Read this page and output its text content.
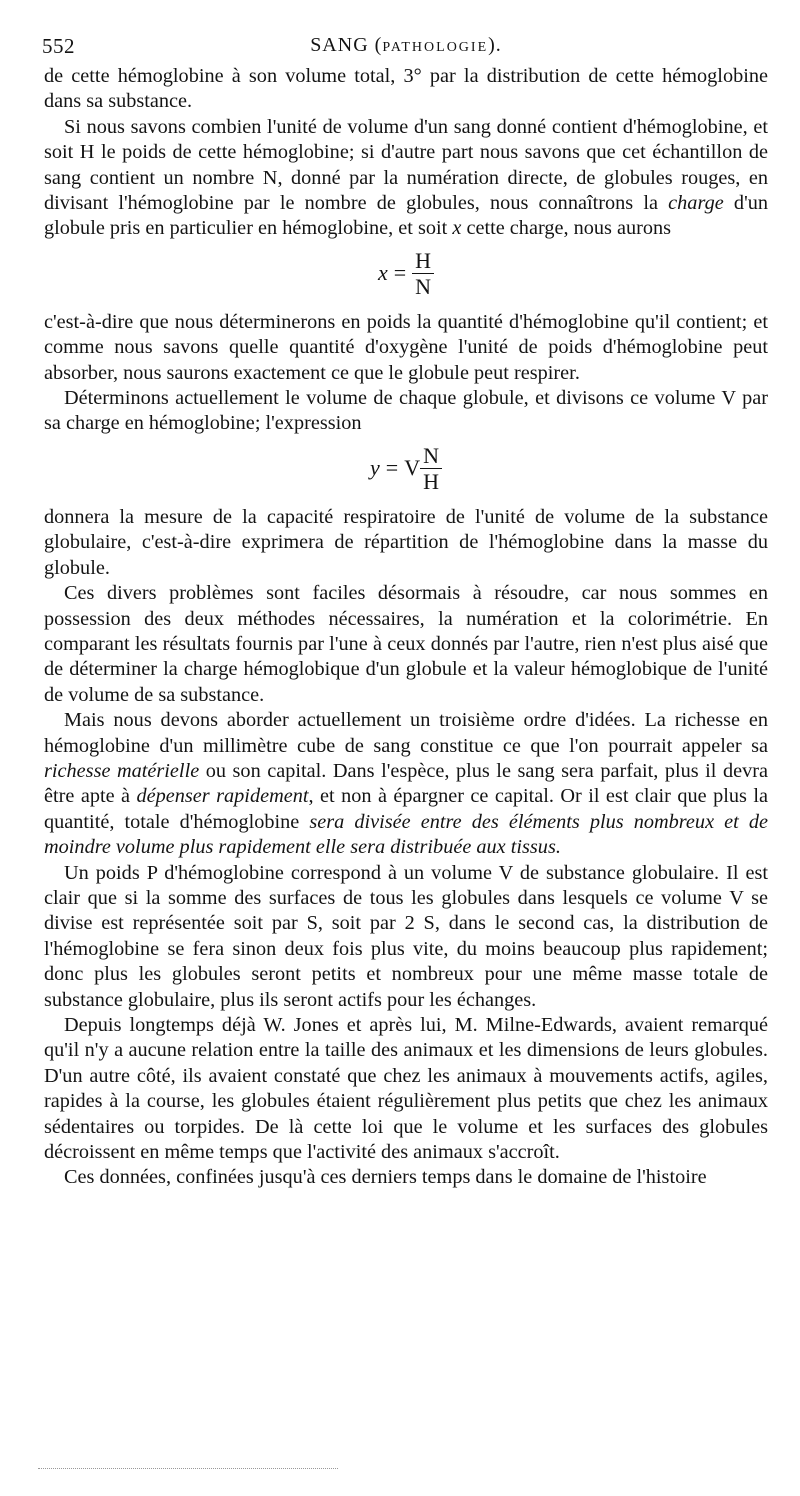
552	SANG (PATHOLOGIE).

de cette hémoglobine à son volume total, 3° par la distribution de cette hémoglobine dans sa substance.

Si nous savons combien l'unité de volume d'un sang donné contient d'hémoglobine, et soit H le poids de cette hémoglobine; si d'autre part nous savons que cet échantillon de sang contient un nombre N, donné par la numération directe, de globules rouges, en divisant l'hémoglobine par le nombre de globules, nous connaîtrons la charge d'un globule pris en particulier en hémoglobine, et soit x cette charge, nous aurons

$x = \frac{H}{N}$

c'est-à-dire que nous déterminerons en poids la quantité d'hémoglobine qu'il contient; et comme nous savons quelle quantité d'oxygène l'unité de poids d'hémoglobine peut absorber, nous saurons exactement ce que le globule peut respirer.

Déterminons actuellement le volume de chaque globule, et divisons ce volume V par sa charge en hémoglobine; l'expression

y = V $\frac{N}{H}$

donnera la mesure de la capacité respiratoire de l'unité de volume de la substance globulaire, c'est-à-dire exprimera de répartition de l'hémoglobine dans la masse du globule.

Ces divers problèmes sont faciles désormais à résoudre, car nous sommes en possession des deux méthodes nécessaires, la numération et la colorimétrie. En comparant les résultats fournis par l'une à ceux donnés par l'autre, rien n'est plus aisé que de déterminer la charge hémoglobique d'un globule et la valeur hémoglobique de l'unité de volume de sa substance.

Mais nous devons aborder actuellement un troisième ordre d'idées. La richesse en hémoglobine d'un millimètre cube de sang constitue ce que l'on pourrait appeler sa richesse matérielle ou son capital. Dans l'espèce, plus le sang sera parfait, plus il devra être apte à dépenser rapidement, et non à épargner ce capital. Or il est clair que plus la quantité, totale d'hémoglobine sera divisée entre des éléments plus nombreux et de moindre volume plus rapidement elle sera distribuée aux tissus.

Un poids P d'hémoglobine correspond à un volume V de substance globulaire. Il est clair que si la somme des surfaces de tous les globules dans lesquels ce volume V se divise est représentée soit par S, soit par 2 S, dans le second cas, la distribution de l'hémoglobine se fera sinon deux fois plus vite, du moins beaucoup plus rapidement; donc plus les globules seront petits et nombreux pour une même masse totale de substance globulaire, plus ils seront actifs pour les échanges.

Depuis longtemps déjà W. Jones et après lui, M. Milne-Edwards, avaient remarqué qu'il n'y a aucune relation entre la taille des animaux et les dimensions de leurs globules. D'un autre côté, ils avaient constaté que chez les animaux à mouvements actifs, agiles, rapides à la course, les globules étaient régulièrement plus petits que chez les animaux sédentaires ou torpides. De là cette loi que le volume et les surfaces des globules décroissent en même temps que l'activité des animaux s'accroît.

Ces données, confinées jusqu'à ces derniers temps dans le domaine de l'histoire
